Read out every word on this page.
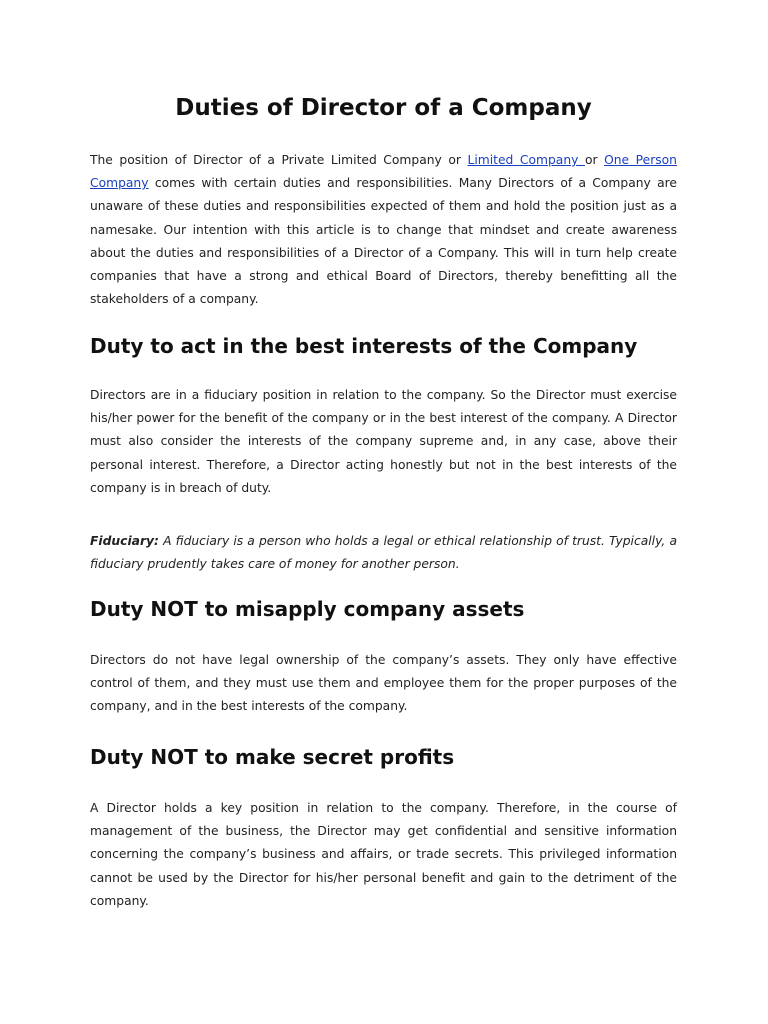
Duties of Director of a Company

The position of Director of a Private Limited Company or Limited Company or One Person Company comes with certain duties and responsibilities. Many Directors of a Company are unaware of these duties and responsibilities expected of them and hold the position just as a namesake. Our intention with this article is to change that mindset and create awareness about the duties and responsibilities of a Director of a Company. This will in turn help create companies that have a strong and ethical Board of Directors, thereby benefitting all the stakeholders of a company.

Duty to act in the best interests of the Company

Directors are in a fiduciary position in relation to the company. So the Director must exercise his/her power for the benefit of the company or in the best interest of the company. A Director must also consider the interests of the company supreme and, in any case, above their personal interest. Therefore, a Director acting honestly but not in the best interests of the company is in breach of duty.

Fiduciary: A fiduciary is a person who holds a legal or ethical relationship of trust. Typically, a fiduciary prudently takes care of money for another person.

Duty NOT to misapply company assets

Directors do not have legal ownership of the company’s assets. They only have effective control of them, and they must use them and employee them for the proper purposes of the company, and in the best interests of the company.

Duty NOT to make secret profits

A Director holds a key position in relation to the company. Therefore, in the course of management of the business, the Director may get confidential and sensitive information concerning the company’s business and affairs, or trade secrets. This privileged information cannot be used by the Director for his/her personal benefit and gain to the detriment of the company.
